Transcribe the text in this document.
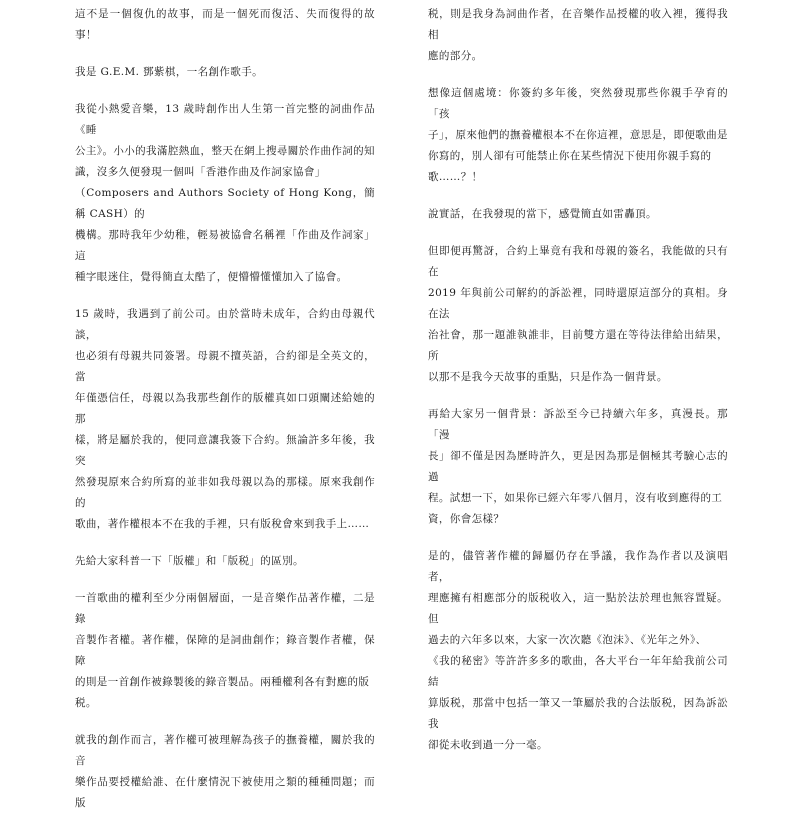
這不是一個復仇的故事，而是一個死而復活、失而復得的故事！

我是 G.E.M. 鄧紫棋，一名創作歌手。

我從小熱愛音樂，13 歲時創作出人生第一首完整的詞曲作品《睡
公主》。小小的我滿腔熱血，整天在網上搜尋關於作曲作詞的知
識，沒多久便發現一個叫「香港作曲及作詞家協會」
（Composers and Authors Society of Hong Kong，簡稱 CASH）的
機構。那時我年少幼稚，輕易被協會名稱裡「作曲及作詞家」這
種字眼迷住，覺得簡直太酷了，便懵懵懂懂加入了協會。

15 歲時，我遇到了前公司。由於當時未成年，合約由母親代談，
也必須有母親共同簽署。母親不擅英語，合約卻是全英文的，當
年僅憑信任，母親以為我那些創作的版權真如口頭闡述給她的那
樣，將是屬於我的，便同意讓我簽下合約。無論許多年後，我突
然發現原來合約所寫的並非如我母親以為的那樣。原來我創作的
歌曲，著作權根本不在我的手裡，只有版稅會來到我手上……

先給大家科普一下「版權」和「版税」的區別。

一首歌曲的權利至少分兩個層面，一是音樂作品著作權，二是錄
音製作者權。著作權，保障的是詞曲創作；錄音製作者權，保障
的則是一首創作被錄製後的錄音製品。兩種權利各有對應的版
税。

就我的創作而言，著作權可被理解為孩子的撫養權，關於我的音
樂作品要授權給誰、在什麼情況下被使用之類的種種問題；而版

税，則是我身為詞曲作者，在音樂作品授權的收入裡，獲得我相
應的部分。

想像這個處境：你簽約多年後，突然發現那些你親手孕育的「孩
子」，原來他們的撫養權根本不在你這裡，意思是，即便歌曲是
你寫的，別人卻有可能禁止你在某些情況下使用你親手寫的
歌……？！

說實話，在我發現的當下，感覺簡直如雷轟頂。

但即便再驚訝，合約上畢竟有我和母親的簽名，我能做的只有在
2019 年與前公司解約的訴訟裡，同時還原這部分的真相。身在法
治社會，那一題誰執誰非，目前雙方還在等待法律給出結果，所
以那不是我今天故事的重點，只是作為一個背景。

再給大家另一個背景：訴訟至今已持續六年多，真漫長。那「漫
長」卻不僅是因為歷時許久，更是因為那是個極其考驗心志的過
程。試想一下，如果你已經六年零八個月，沒有收到應得的工
資，你會怎樣？

是的，儘管著作權的歸屬仍存在爭議，我作為作者以及演唱者，
理應擁有相應部分的版税收入，這一點於法於理也無容置疑。但
過去的六年多以來，大家一次次聽《泡沫》、《光年之外》、
《我的秘密》等許許多多的歌曲，各大平台一年年給我前公司結
算版税，那當中包括一筆又一筆屬於我的合法版税，因為訴訟我
卻從未收到過一分一毫。
